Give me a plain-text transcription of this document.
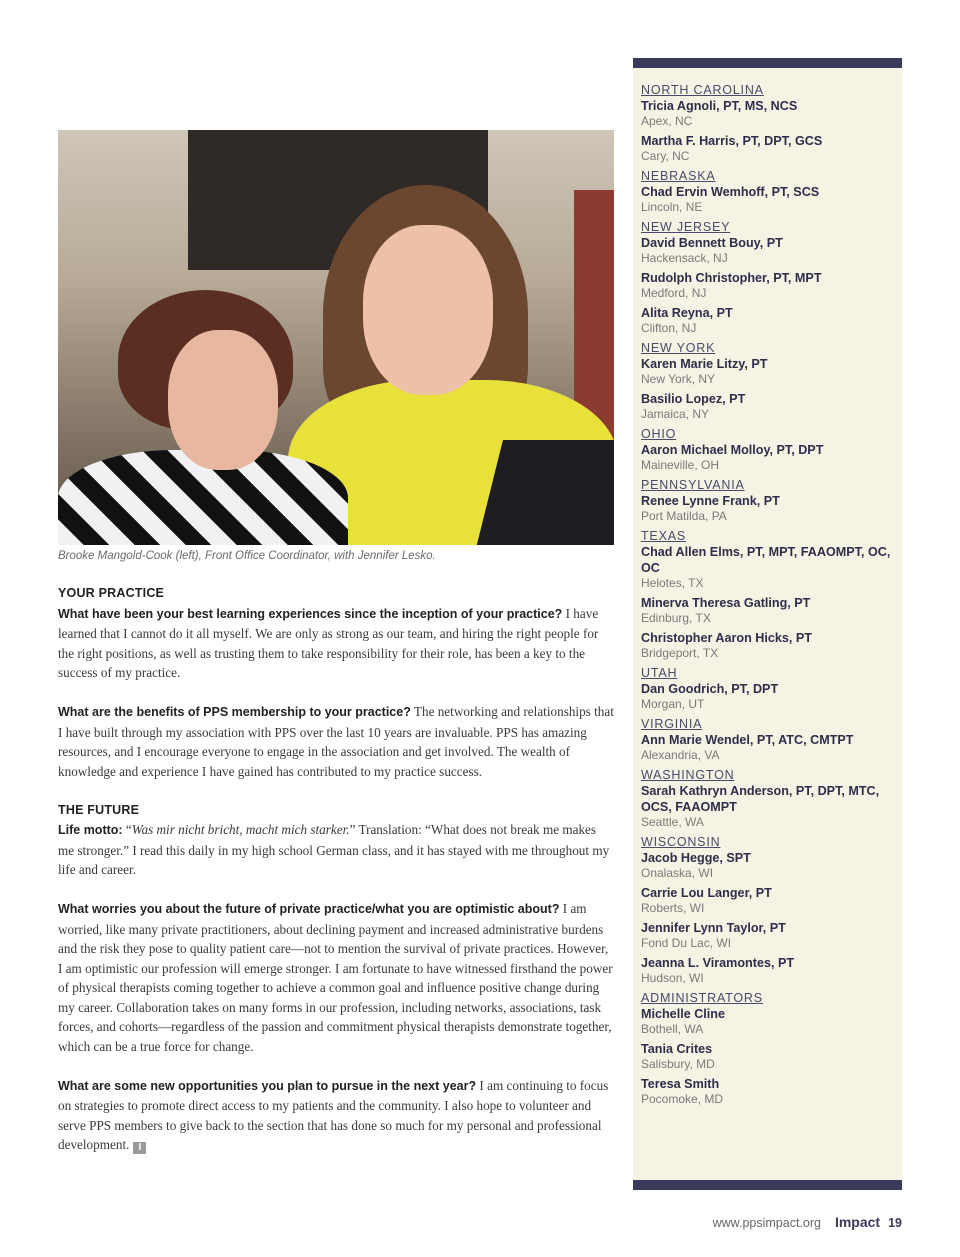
Brooke Mangold-Cook (left), Front Office Coordinator, with Jennifer Lesko.

YOUR PRACTICE
What have been your best learning experiences since the inception of your practice? I have learned that I cannot do it all myself. We are only as strong as our team, and hiring the right people for the right positions, as well as trusting them to take responsibility for their role, has been a key to the success of my practice.

What are the benefits of PPS membership to your practice? The networking and relationships that I have built through my association with PPS over the last 10 years are invaluable. PPS has amazing resources, and I encourage everyone to engage in the association and get involved. The wealth of knowledge and experience I have gained has contributed to my practice success.

THE FUTURE
Life motto: “Was mir nicht bricht, macht mich starker.” Translation: “What does not break me makes me stronger.” I read this daily in my high school German class, and it has stayed with me throughout my life and career.

What worries you about the future of private practice/what you are optimistic about? I am worried, like many private practitioners, about declining payment and increased administrative burdens and the risk they pose to quality patient care—not to mention the survival of private practices. However, I am optimistic our profession will emerge stronger. I am fortunate to have witnessed firsthand the power of physical therapists coming together to achieve a common goal and influence positive change during my career. Collaboration takes on many forms in our profession, including networks, associations, task forces, and cohorts—regardless of the passion and commitment physical therapists demonstrate together, which can be a true force for change.

What are some new opportunities you plan to pursue in the next year? I am continuing to focus on strategies to promote direct access to my patients and the community. I also hope to volunteer and serve PPS members to give back to the section that has done so much for my personal and professional development. I

NORTH CAROLINA
Tricia Agnoli, PT, MS, NCS
Apex, NC
Martha F. Harris, PT, DPT, GCS
Cary, NC
NEBRASKA
Chad Ervin Wemhoff, PT, SCS
Lincoln, NE
NEW JERSEY
David Bennett Bouy, PT
Hackensack, NJ
Rudolph Christopher, PT, MPT
Medford, NJ
Alita Reyna, PT
Clifton, NJ
NEW YORK
Karen Marie Litzy, PT
New York, NY
Basilio Lopez, PT
Jamaica, NY
OHIO
Aaron Michael Molloy, PT, DPT
Maineville, OH
PENNSYLVANIA
Renee Lynne Frank, PT
Port Matilda, PA
TEXAS
Chad Allen Elms, PT, MPT, FAAOMPT, OC, OC
Helotes, TX
Minerva Theresa Gatling, PT
Edinburg, TX
Christopher Aaron Hicks, PT
Bridgeport, TX
UTAH
Dan Goodrich, PT, DPT
Morgan, UT
VIRGINIA
Ann Marie Wendel, PT, ATC, CMTPT
Alexandria, VA
WASHINGTON
Sarah Kathryn Anderson, PT, DPT, MTC, OCS, FAAOMPT
Seattle, WA
WISCONSIN
Jacob Hegge, SPT
Onalaska, WI
Carrie Lou Langer, PT
Roberts, WI
Jennifer Lynn Taylor, PT
Fond Du Lac, WI
Jeanna L. Viramontes, PT
Hudson, WI
ADMINISTRATORS
Michelle Cline
Bothell, WA
Tania Crites
Salisbury, MD
Teresa Smith
Pocomoke, MD
www.ppsimpact.org Impact 19
